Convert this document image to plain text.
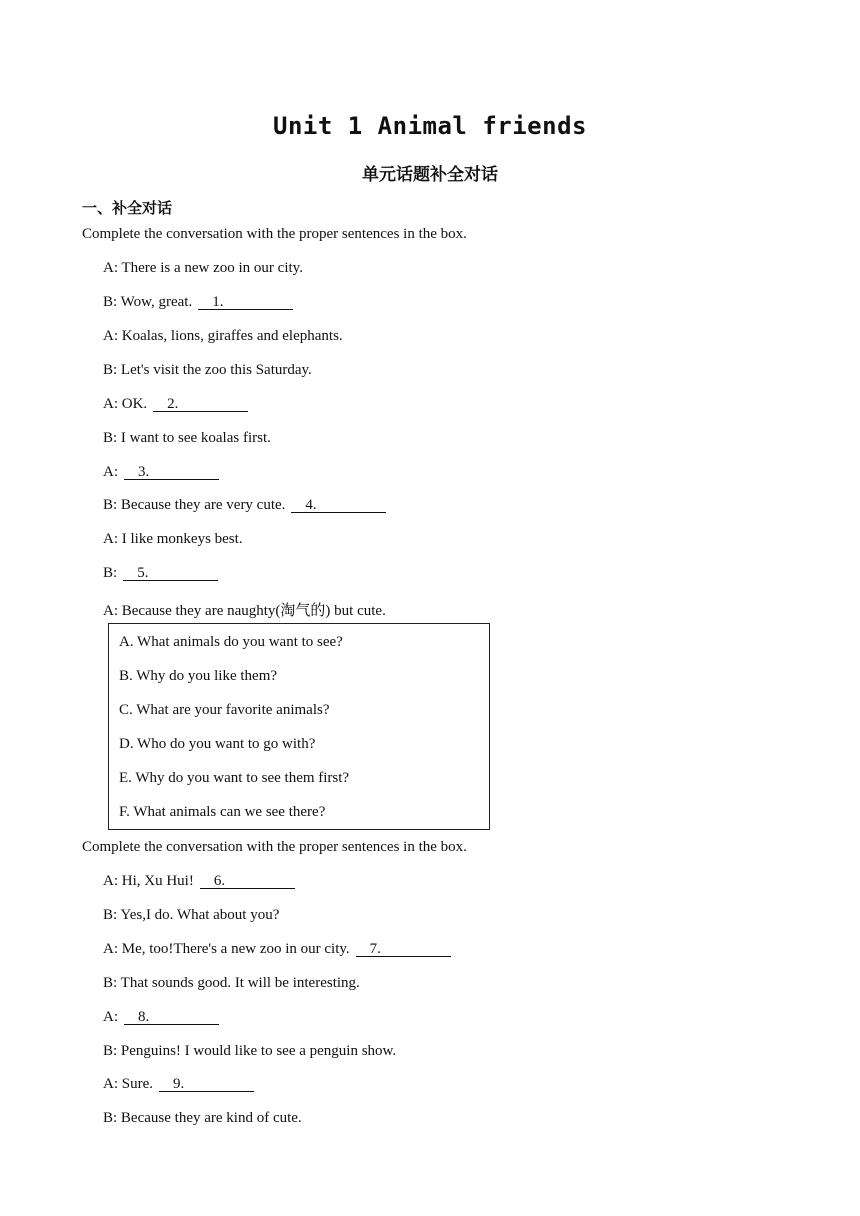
Unit 1 Animal friends
单元话题补全对话
一、补全对话
Complete the conversation with the proper sentences in the box.
A: There is a new zoo in our city.
B: Wow, great. 1.
A: Koalas, lions, giraffes and elephants.
B: Let's visit the zoo this Saturday.
A: OK. 2.
B: I want to see koalas first.
A: 3.
B: Because they are very cute. 4.
A: I like monkeys best.
B: 5.
A: Because they are naughty(淘气的) but cute.
A. What animals do you want to see?
B. Why do you like them?
C. What are your favorite animals?
D. Who do you want to go with?
E. Why do you want to see them first?
F. What animals can we see there?
Complete the conversation with the proper sentences in the box.
A: Hi, Xu Hui! 6.
B: Yes,I do. What about you?
A: Me, too!There's a new zoo in our city. 7.
B: That sounds good. It will be interesting.
A: 8.
B: Penguins! I would like to see a penguin show.
A: Sure. 9.
B: Because they are kind of cute.
